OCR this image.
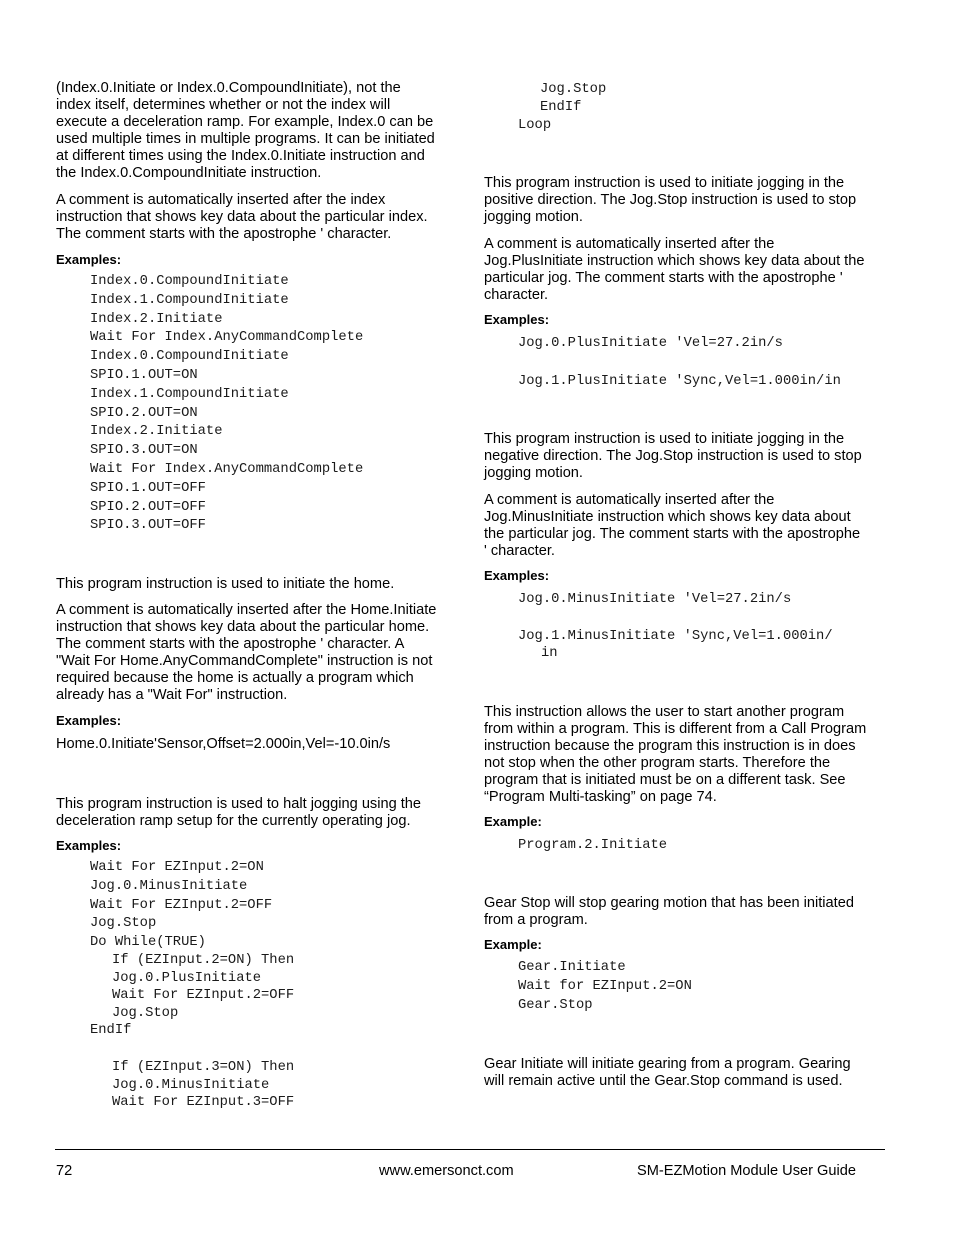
(Index.0.Initiate or Index.0.CompoundInitiate), not the
index itself, determines whether or not the index will
execute a deceleration ramp. For example, Index.0 can be
used multiple times in multiple programs. It can be initiated
at different times using the Index.0.Initiate instruction and
the Index.0.CompoundInitiate instruction.
A comment is automatically inserted after the index
instruction that shows key data about the particular index.
The comment starts with the apostrophe ' character.
Examples:
Index.0.CompoundInitiate
Index.1.CompoundInitiate
Index.2.Initiate
Wait For Index.AnyCommandComplete
Index.0.CompoundInitiate
SPIO.1.OUT=ON
Index.1.CompoundInitiate
SPIO.2.OUT=ON
Index.2.Initiate
SPIO.3.OUT=ON
Wait For Index.AnyCommandComplete
SPIO.1.OUT=OFF
SPIO.2.OUT=OFF
SPIO.3.OUT=OFF
This program instruction is used to initiate the home.
A comment is automatically inserted after the Home.Initiate
instruction that shows key data about the particular home.
The comment starts with the apostrophe ' character. A
"Wait For Home.AnyCommandComplete" instruction is not
required because the home is actually a program which
already has a "Wait For" instruction.
Examples:
Home.0.Initiate'Sensor,Offset=2.000in,Vel=-10.0in/s
This program instruction is used to halt jogging using the
deceleration ramp setup for the currently operating jog.
Examples:
Wait For EZInput.2=ON
Jog.0.MinusInitiate
Wait For EZInput.2=OFF
Jog.Stop
Do While(TRUE)
If (EZInput.2=ON) Then
Jog.0.PlusInitiate
Wait For EZInput.2=OFF
Jog.Stop
EndIf
If (EZInput.3=ON) Then
Jog.0.MinusInitiate
Wait For EZInput.3=OFF
Jog.Stop
EndIf
Loop
This program instruction is used to initiate jogging in the
positive direction. The Jog.Stop instruction is used to stop
jogging motion.
A comment is automatically inserted after the
Jog.PlusInitiate instruction which shows key data about the
particular jog. The comment starts with the apostrophe '
character.
Examples:
Jog.0.PlusInitiate 'Vel=27.2in/s
Jog.1.PlusInitiate 'Sync,Vel=1.000in/in
This program instruction is used to initiate jogging in the
negative direction. The Jog.Stop instruction is used to stop
jogging motion.
A comment is automatically inserted after the
Jog.MinusInitiate instruction which shows key data about
the particular jog. The comment starts with the apostrophe
' character.
Examples:
Jog.0.MinusInitiate 'Vel=27.2in/s
Jog.1.MinusInitiate 'Sync,Vel=1.000in/
in
This instruction allows the user to start another program
from within a program. This is different from a Call Program
instruction because the program this instruction is in does
not stop when the other program starts. Therefore the
program that is initiated must be on a different task. See
“Program Multi-tasking” on page 74.
Example:
Program.2.Initiate
Gear Stop will stop gearing motion that has been initiated
from a program.
Example:
Gear.Initiate
Wait for EZInput.2=ON
Gear.Stop
Gear Initiate will initiate gearing from a program. Gearing
will remain active until the Gear.Stop command is used.
72	www.emersonct.com	SM-EZMotion Module User Guide
